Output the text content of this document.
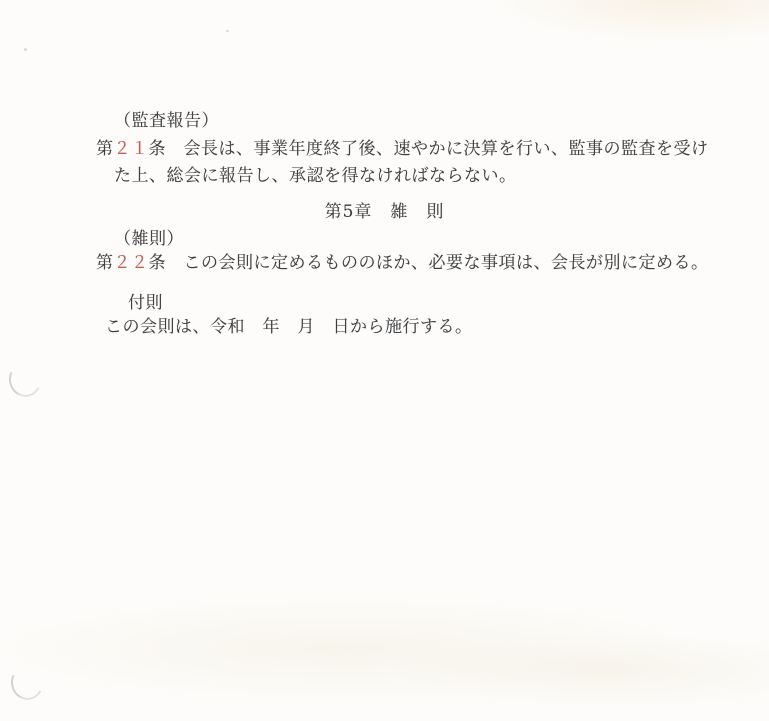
（監査報告）
第２１条　会長は、事業年度終了後、速やかに決算を行い、監事の監査を受け
た上、総会に報告し、承認を得なければならない。
第5章　雑　則
（雑則）
第２２条　この会則に定めるもののほか、必要な事項は、会長が別に定める。
付則
この会則は、令和　年　月　日から施行する。
